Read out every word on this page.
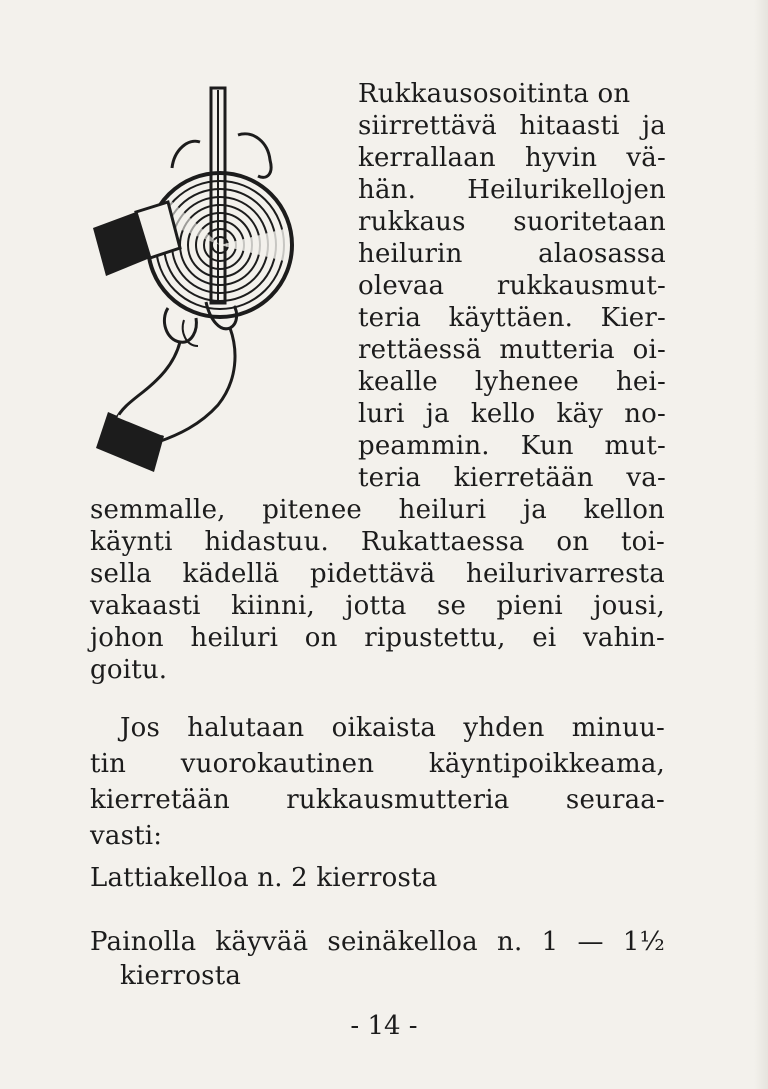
Rukkausosoitinta on
siirrettävä hitaasti ja
kerrallaan hyvin vä-
hän. Heilurikellojen
rukkaus suoritetaan
heilurin alaosassa
olevaa rukkausmut-
teria käyttäen. Kier-
rettäessä mutteria oi-
kealle lyhenee hei-
luri ja kello käy no-
peammin. Kun mut-
teria kierretään va-
semmalle, pitenee heiluri ja kellon
käynti hidastuu. Rukattaessa on toi-
sella kädellä pidettävä heilurivarresta
vakaasti kiinni, jotta se pieni jousi,
johon heiluri on ripustettu, ei vahin-
goitu.
Jos halutaan oikaista yhden minuu-
tin vuorokautinen käyntipoikkeama,
kierretään rukkausmutteria seuraa-
vasti:
Lattiakelloa n. 2 kierrosta
Painolla käyvää seinäkelloa n. 1 — 1½
kierrosta
- 14 -
